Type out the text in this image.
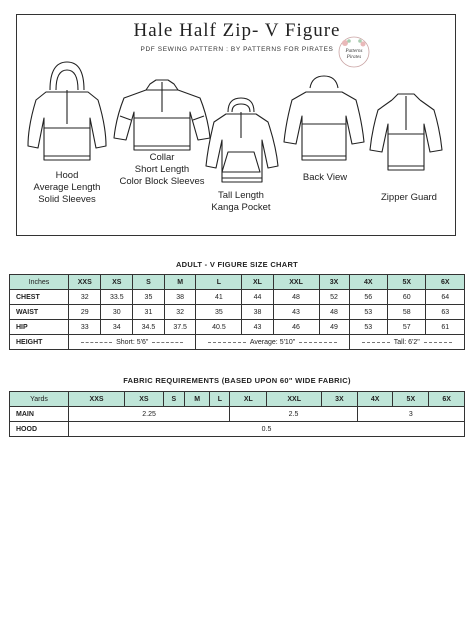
Hale Half Zip- V Figure
PDF SEWING PATTERN : BY PATTERNS FOR PIRATES	Patterns
Pirates
Hood
Average Length
Solid Sleeves
Collar
Short Length
Color Block Sleeves
Tall Length
Kanga Pocket
Back View
Zipper Guard
ADULT - V FIGURE SIZE CHART
Inches	XXS	XS	S	M	L	XL	XXL	3X	4X	5X	6X
CHEST	32	33.5	35	38	41	44	48	52	56	60	64
WAIST	29	30	31	32	35	38	43	48	53	58	63
HIP	33	34	34.5	37.5	40.5	43	46	49	53	57	61
HEIGHT	Short: 5'6"				Average: 5'10"				Tall: 6'2"		
FABRIC REQUIREMENTS (BASED UPON 60" WIDE FABRIC)
Yards	XXS	XS	S	M	L	XL	XXL	3X	4X	5X	6X
MAIN	2.25					2.5			3		
HOOD	0.5										
